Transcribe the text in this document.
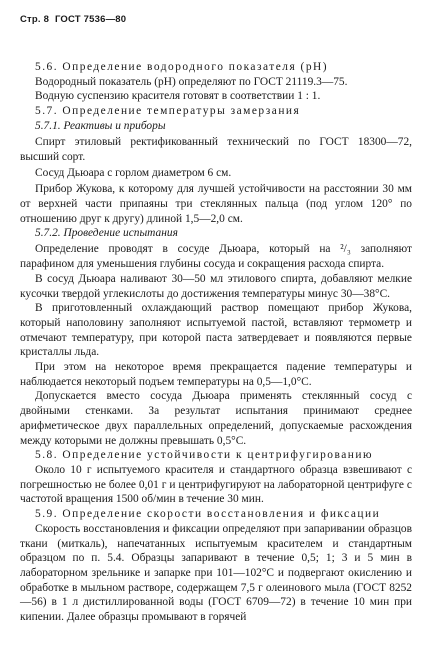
Стр. 8 ГОСТ 7536—80

5.6. Определение водородного показателя (рН)

Водородный показатель (рН) определяют по ГОСТ 21119.3—75.

Водную суспензию красителя готовят в соответствии 1 : 1.

5.7. Определение температуры замерзания

5.7.1. Реактивы и приборы

Спирт этиловый ректификованный технический по ГОСТ 18300—72, высший сорт.

Сосуд Дьюара с горлом диаметром 6 см.

Прибор Жукова, к которому для лучшей устойчивости на расстоянии 30 мм от верхней части припаяны три стеклянных пальца (под углом 120° по отношению друг к другу) длиной 1,5—2,0 см.

5.7.2. Проведение испытания

Определение проводят в сосуде Дьюара, который на ²/₃ заполняют парафином для уменьшения глубины сосуда и сокращения расхода спирта.

В сосуд Дьюара наливают 30—50 мл этилового спирта, добавляют мелкие кусочки твердой углекислоты до достижения температуры минус 30—38°С.

В приготовленный охлаждающий раствор помещают прибор Жукова, который наполовину заполняют испытуемой пастой, вставляют термометр и отмечают температуру, при которой паста затвердевает и появляются первые кристаллы льда.

При этом на некоторое время прекращается падение температуры и наблюдается некоторый подъем температуры на 0,5—1,0°С.

Допускается вместо сосуда Дьюара применять стеклянный сосуд с двойными стенками. За результат испытания принимают среднее арифметическое двух параллельных определений, допускаемые расхождения между которыми не должны превышать 0,5°С.

5.8. Определение устойчивости к центрифугированию

Около 10 г испытуемого красителя и стандартного образца взвешивают с погрешностью не более 0,01 г и центрифугируют на лабораторной центрифуге с частотой вращения 1500 об/мин в течение 30 мин.

5.9. Определение скорости восстановления и фиксации

Скорость восстановления и фиксации определяют при запаривании образцов ткани (миткаль), напечатанных испытуемым красителем и стандартным образцом по п. 5.4. Образцы запаривают в течение 0,5; 1; 3 и 5 мин в лабораторном зрельнике и запарке при 101—102°С и подвергают окислению и обработке в мыльном растворе, содержащем 7,5 г олеинового мыла (ГОСТ 8252—56) в 1 л дистиллированной воды (ГОСТ 6709—72) в течение 10 мин при кипении. Далее образцы промывают в горячей
